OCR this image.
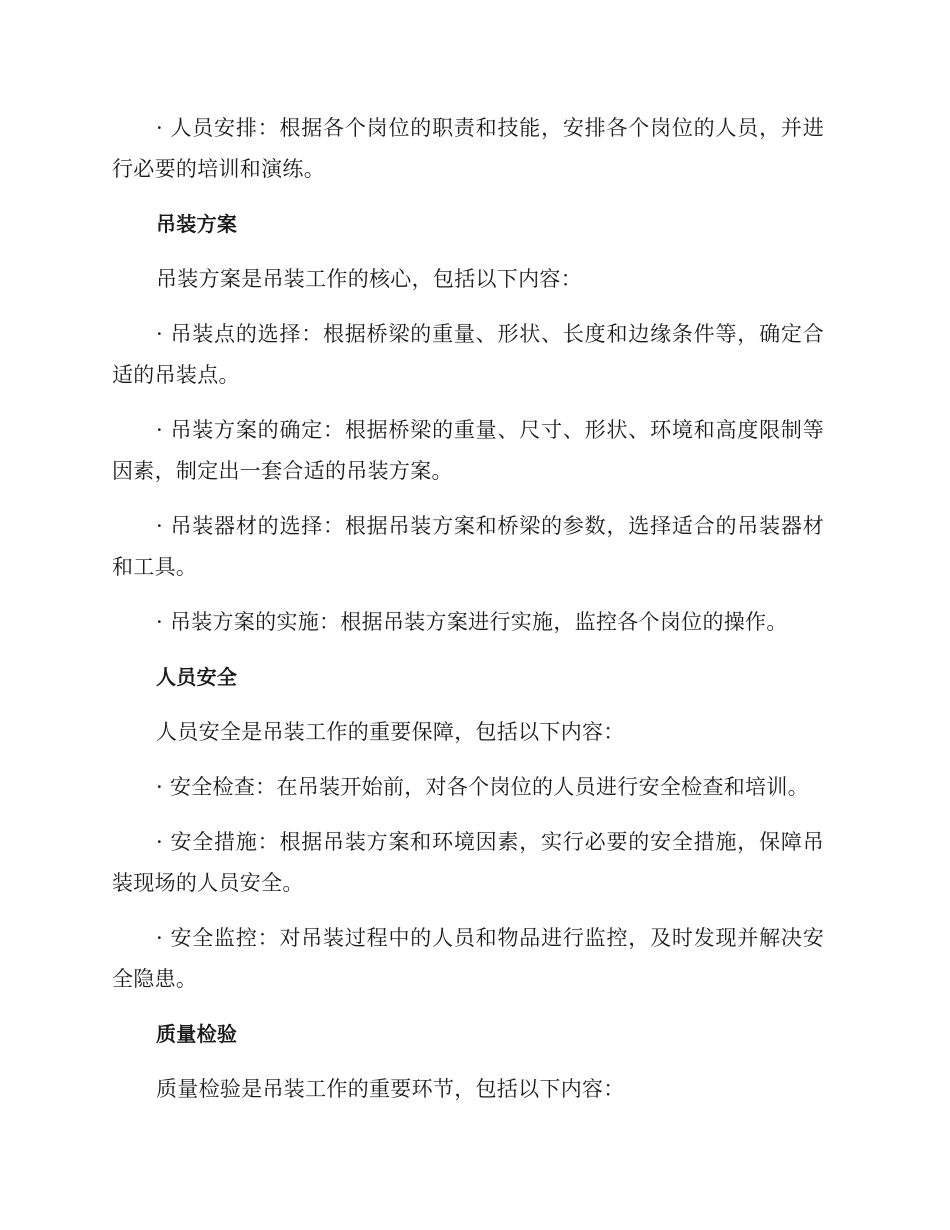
· 人员安排：根据各个岗位的职责和技能，安排各个岗位的人员，并进行必要的培训和演练。

吊装方案

吊装方案是吊装工作的核心，包括以下内容：

· 吊装点的选择：根据桥梁的重量、形状、长度和边缘条件等，确定合适的吊装点。

· 吊装方案的确定：根据桥梁的重量、尺寸、形状、环境和高度限制等因素，制定出一套合适的吊装方案。

· 吊装器材的选择：根据吊装方案和桥梁的参数，选择适合的吊装器材和工具。

· 吊装方案的实施：根据吊装方案进行实施，监控各个岗位的操作。

人员安全

人员安全是吊装工作的重要保障，包括以下内容：

· 安全检查：在吊装开始前，对各个岗位的人员进行安全检查和培训。

· 安全措施：根据吊装方案和环境因素，实行必要的安全措施，保障吊装现场的人员安全。

· 安全监控：对吊装过程中的人员和物品进行监控，及时发现并解决安全隐患。

质量检验

质量检验是吊装工作的重要环节，包括以下内容：
